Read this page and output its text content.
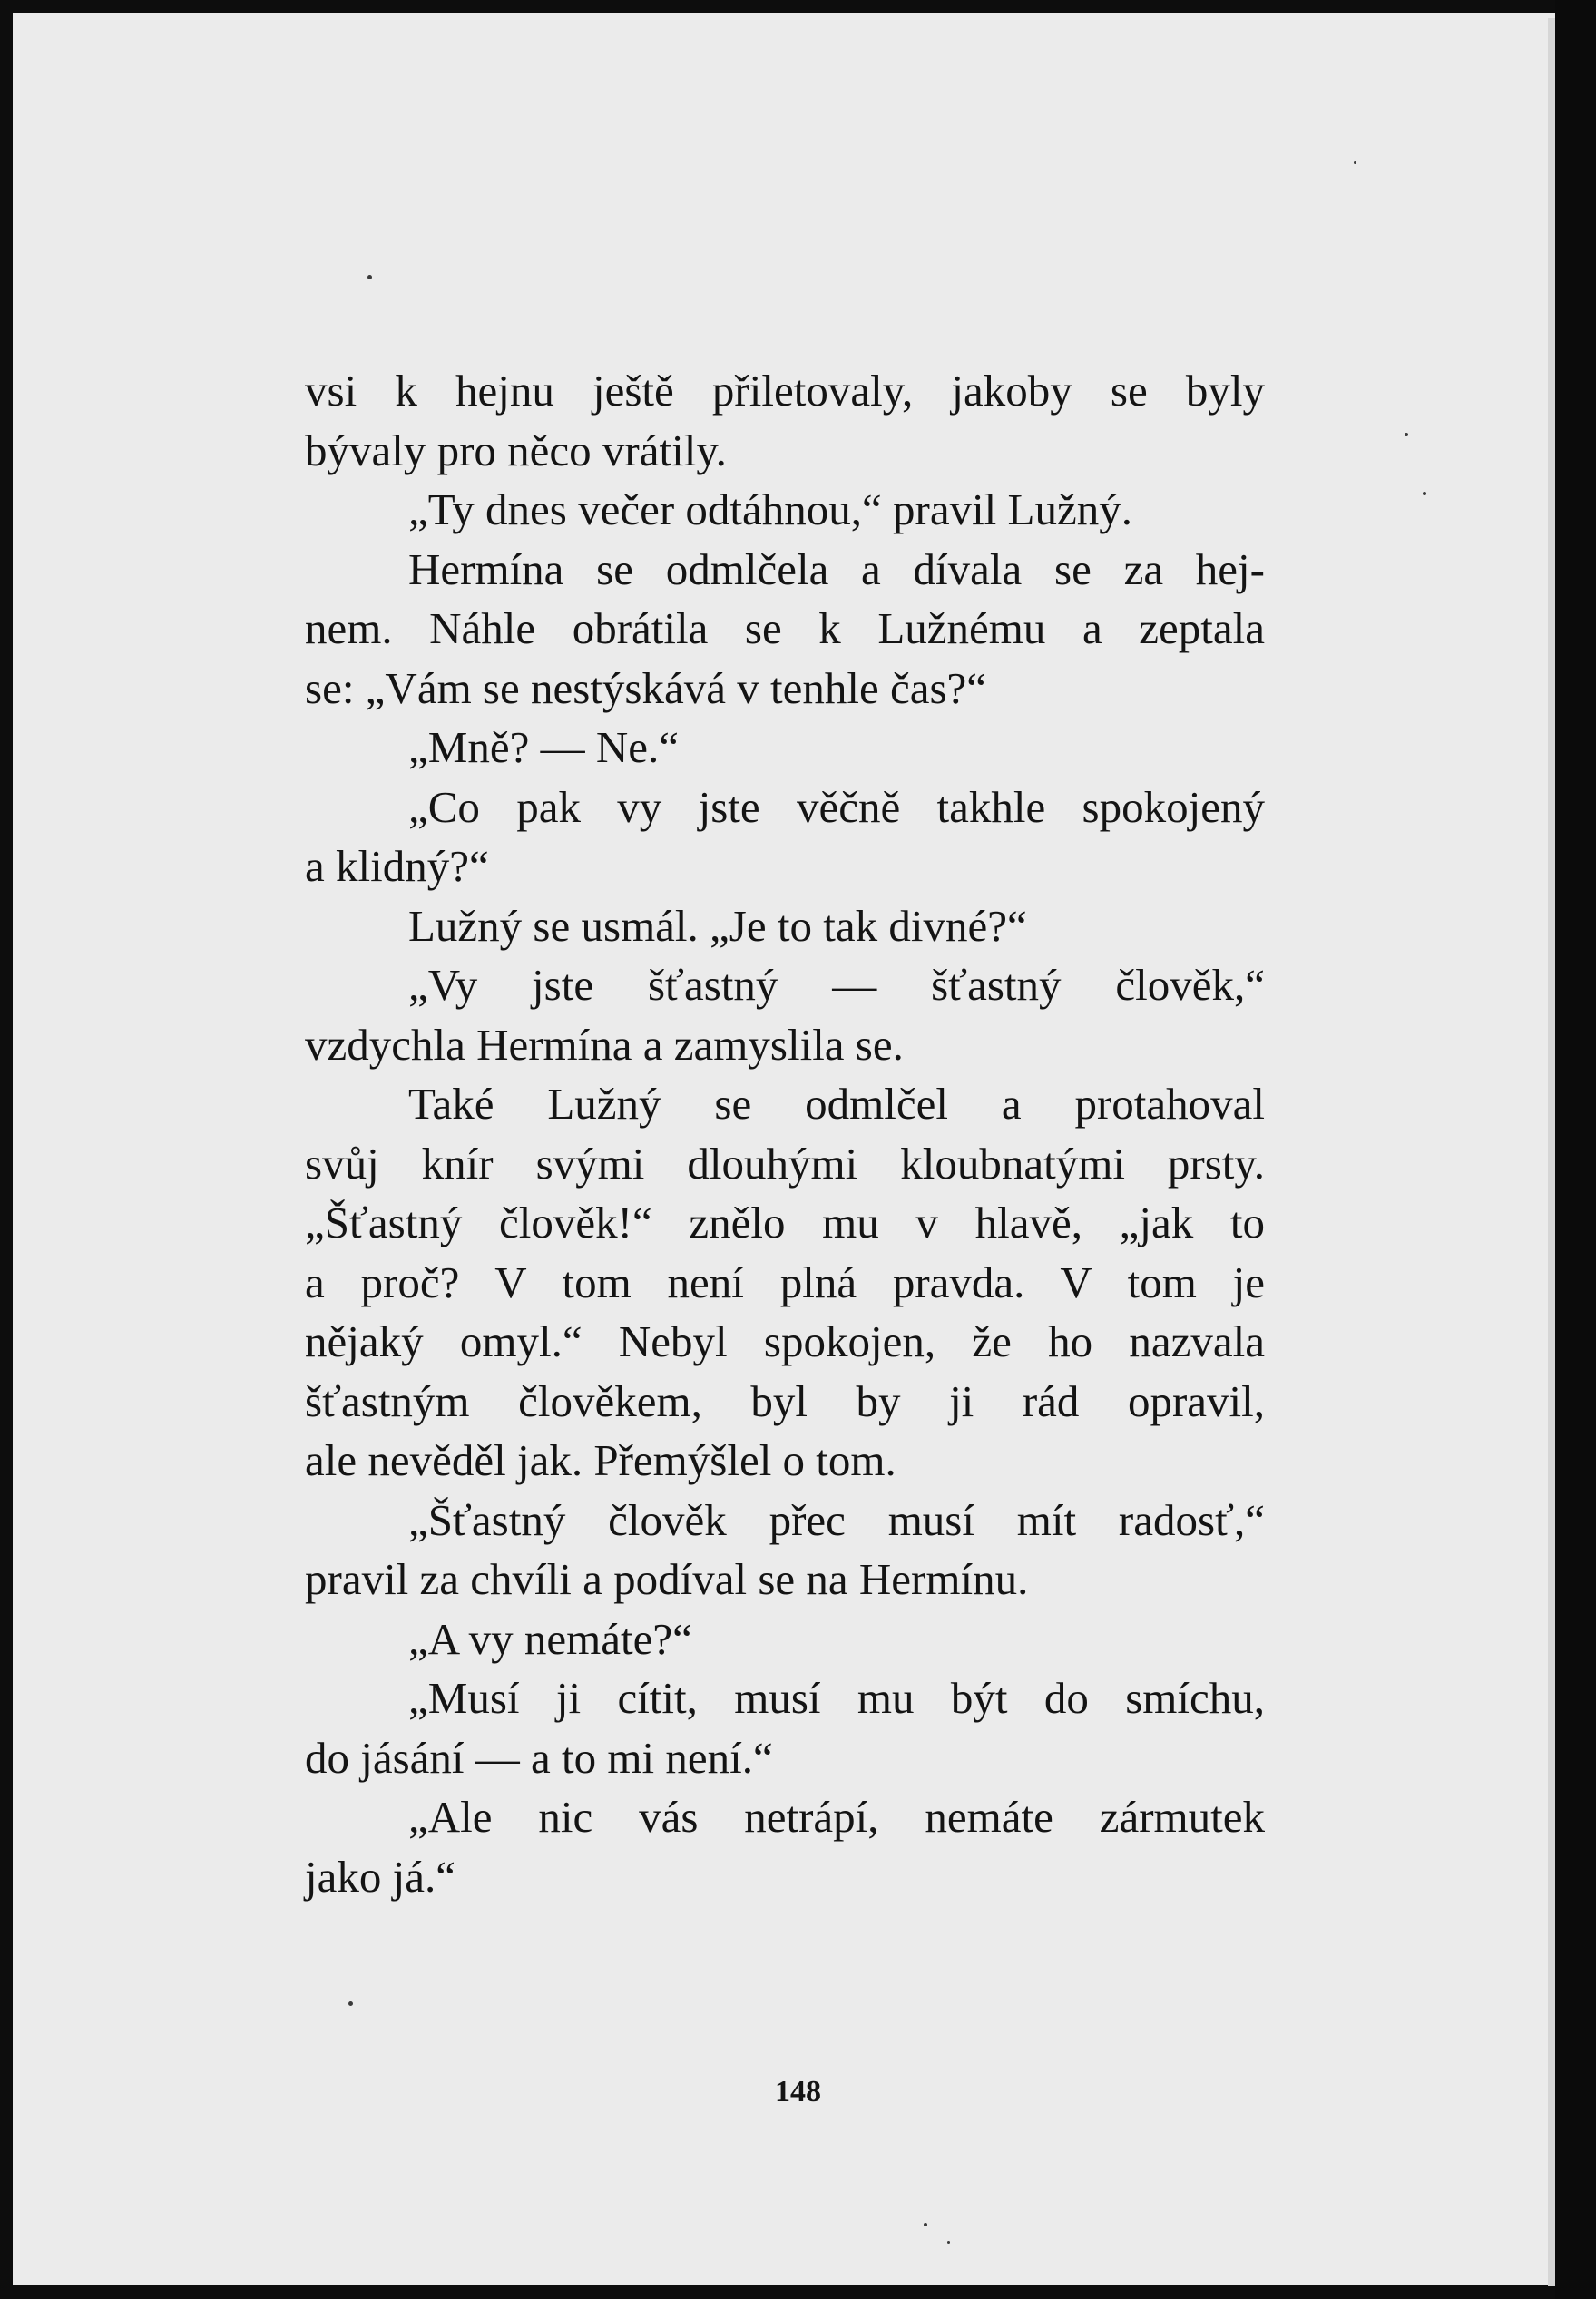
vsi k hejnu ještě přiletovaly, jakoby se byly
bývaly pro něco vrátily.
„Ty dnes večer odtáhnou,“ pravil Lužný.
Hermína se odmlčela a dívala se za hej-
nem. Náhle obrátila se k Lužnému a zeptala
se: „Vám se nestýskává v tenhle čas?“
„Mně? — Ne.“
„Co pak vy jste věčně takhle spokojený
a klidný?“
Lužný se usmál. „Je to tak divné?“
„Vy jste šťastný — šťastný člověk,“
vzdychla Hermína a zamyslila se.
Také Lužný se odmlčel a protahoval
svůj knír svými dlouhými kloubnatými prsty.
„Šťastný člověk!“ znělo mu v hlavě, „jak to
a proč? V tom není plná pravda. V tom je
nějaký omyl.“ Nebyl spokojen, že ho nazvala
šťastným člověkem, byl by ji rád opravil,
ale nevěděl jak. Přemýšlel o tom.
„Šťastný člověk přec musí mít radosť,“
pravil za chvíli a podíval se na Hermínu.
„A vy nemáte?“
„Musí ji cítit, musí mu být do smíchu,
do jásání — a to mi není.“
„Ale nic vás netrápí, nemáte zármutek
jako já.“
148
